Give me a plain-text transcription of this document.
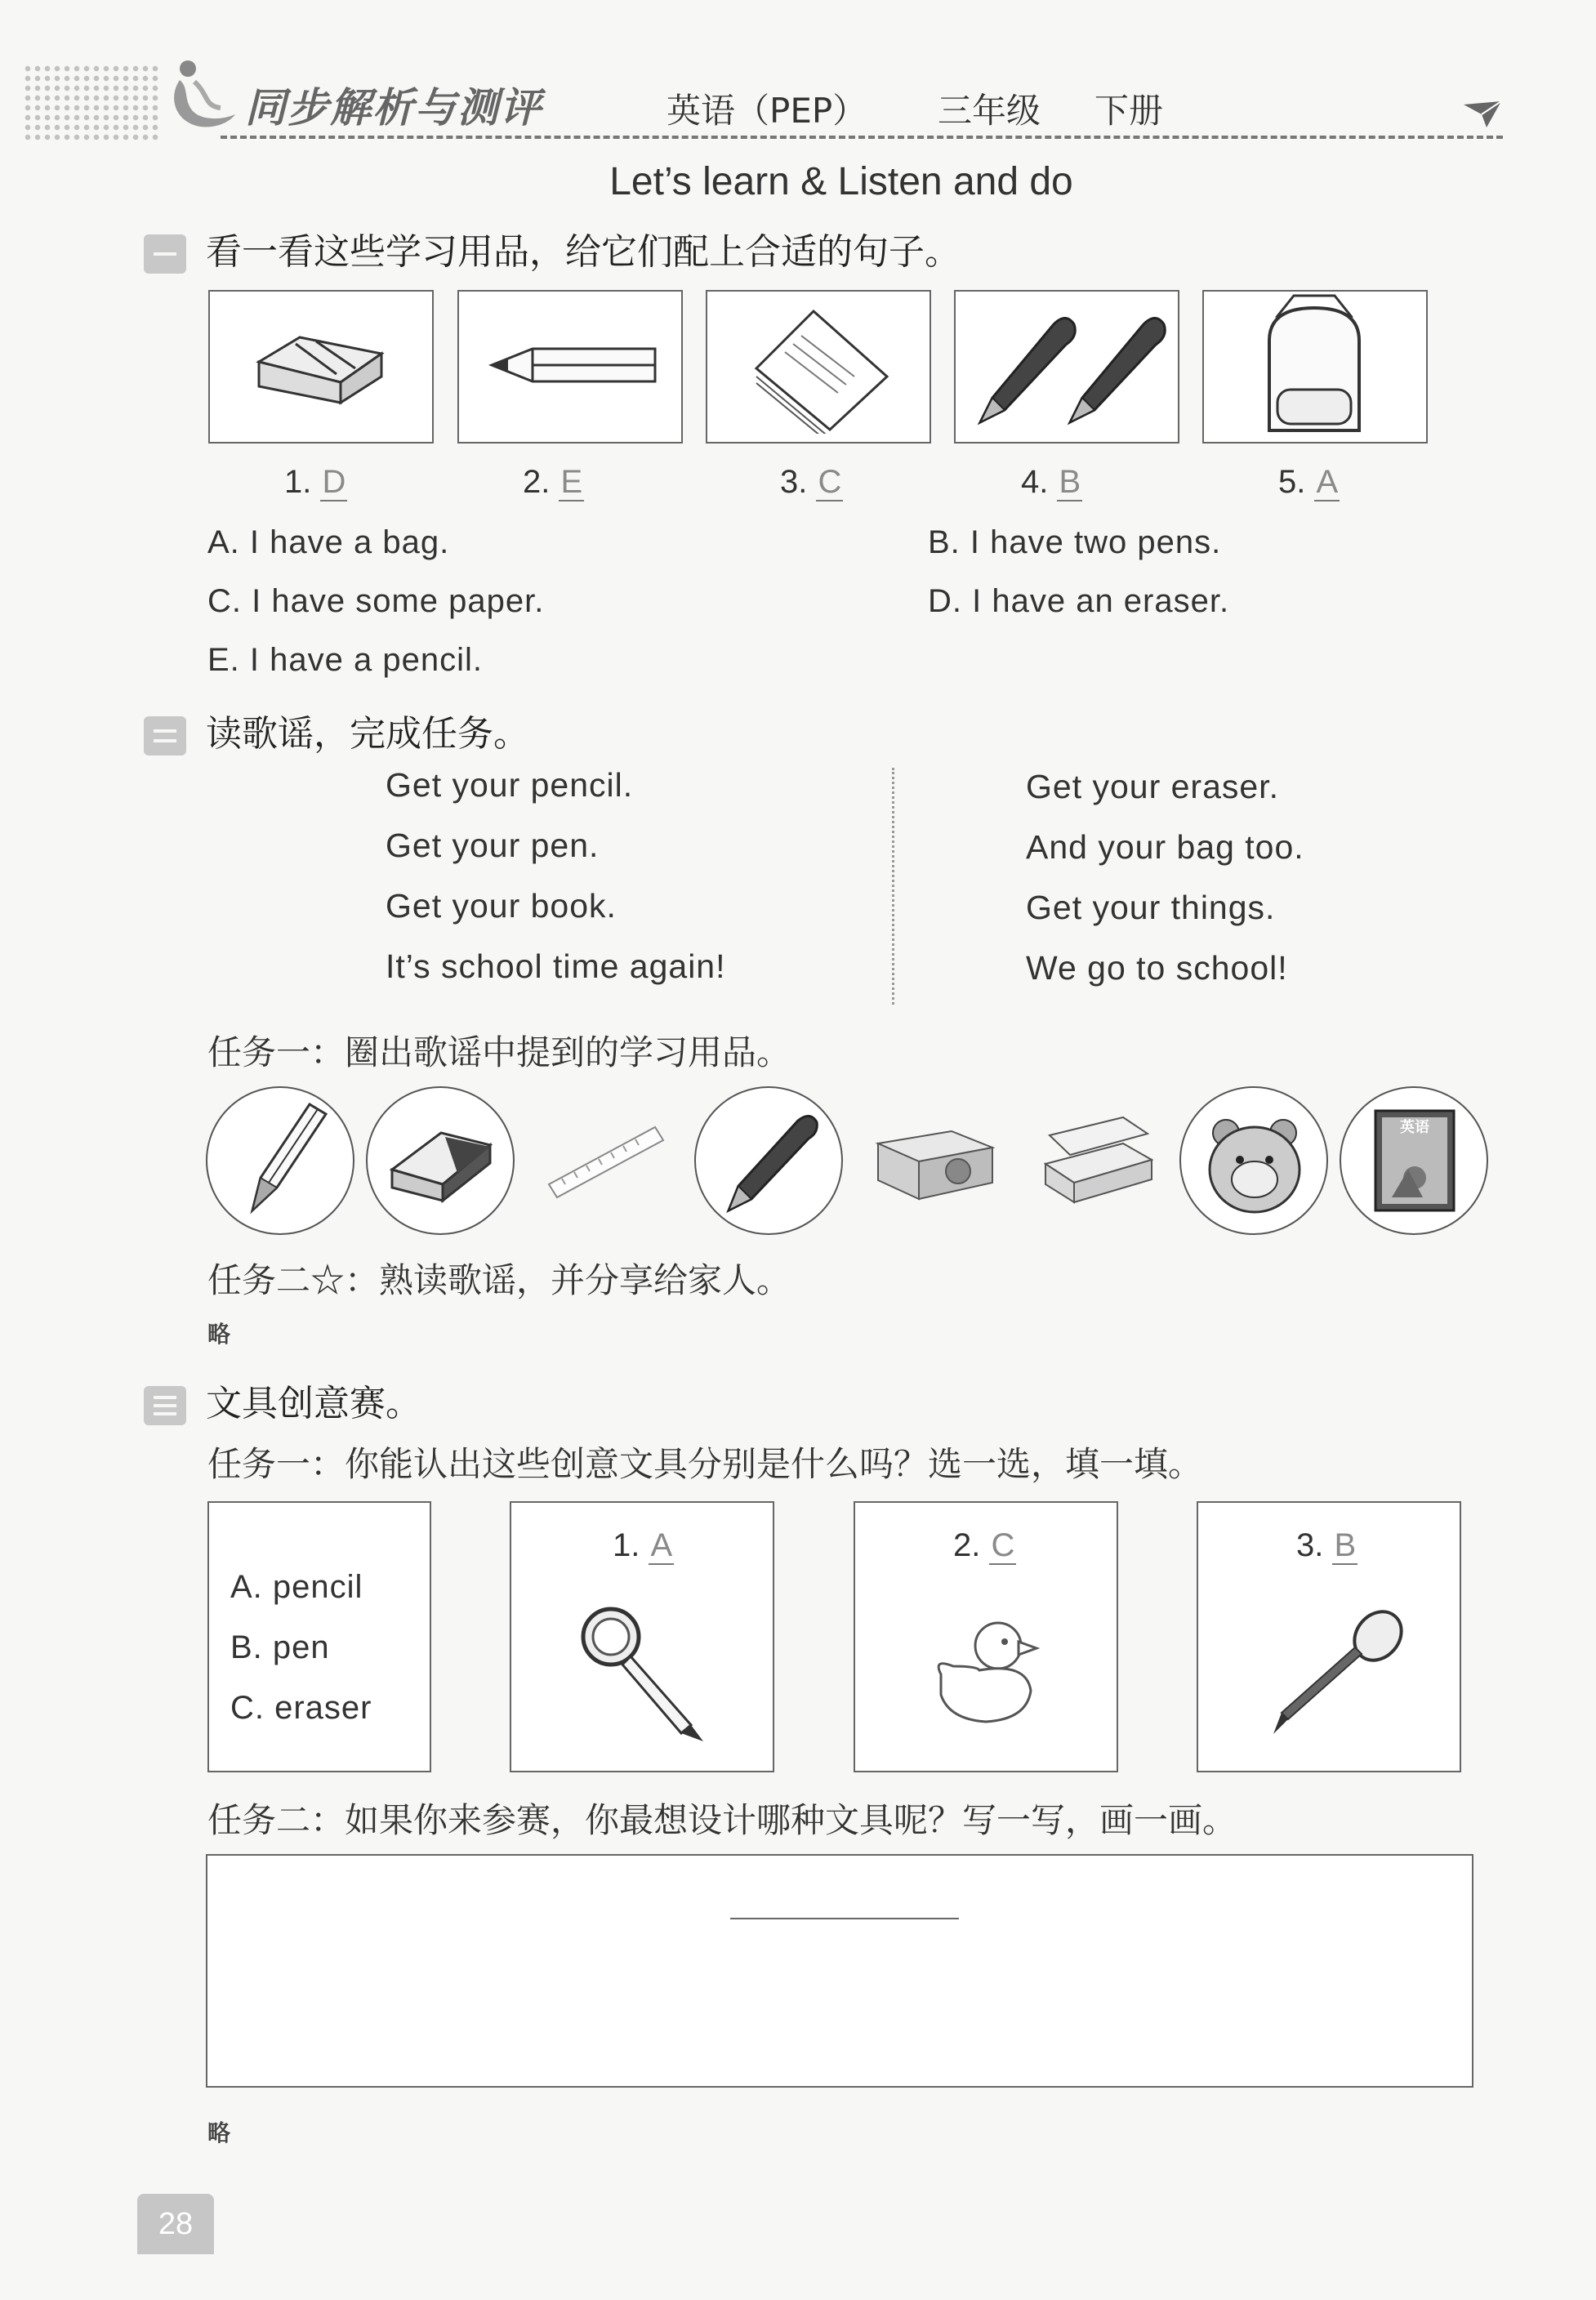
同步解析与测评	英语（PEP） 三年级 下册
Let’s learn & Listen and do
看一看这些学习用品，给它们配上合适的句子。
1. D	2. E	3. C	4. B	5. A
A. I have a bag.	B. I have two pens.
C. I have some paper.	D. I have an eraser.
E. I have a pencil.
读歌谣，完成任务。
Get your pencil.
Get your pen.
Get your book.
It’s school time again!
Get your eraser.
And your bag too.
Get your things.
We go to school!
任务一：圈出歌谣中提到的学习用品。
英语
任务二☆：熟读歌谣，并分享给家人。
略
文具创意赛。
任务一：你能认出这些创意文具分别是什么吗？选一选，填一填。
A. pencil
B. pen
C. eraser
1. A	2. C	3. B
任务二：如果你来参赛，你最想设计哪种文具呢？写一写，画一画。
略
28
